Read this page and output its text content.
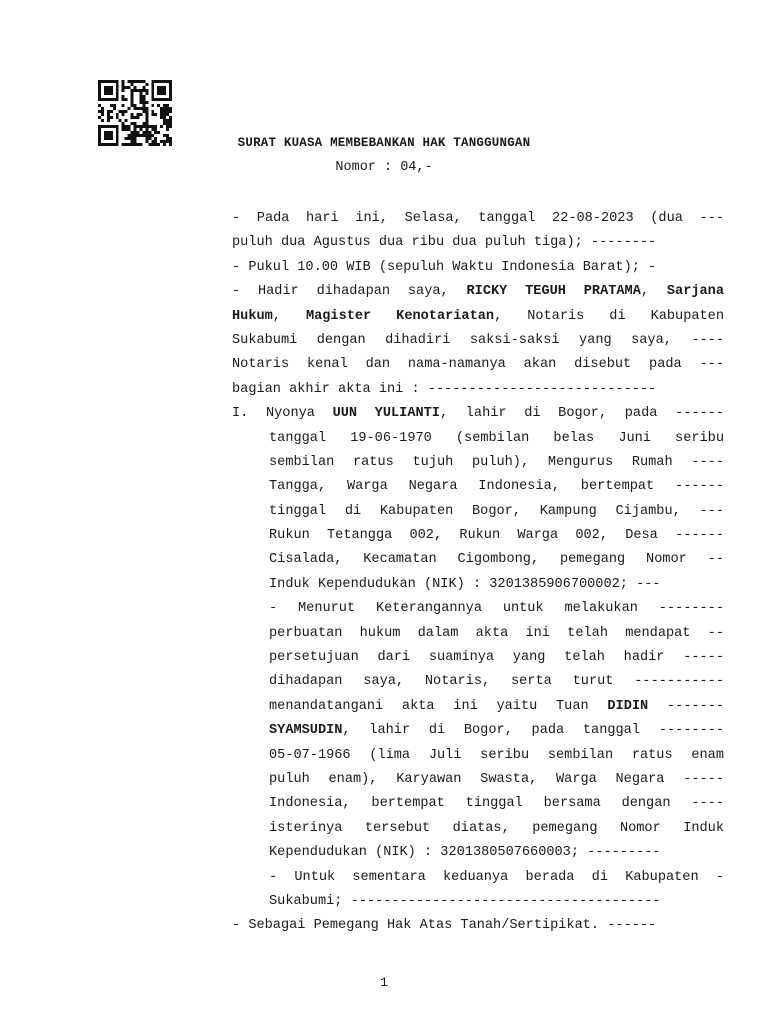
SURAT KUASA MEMBEBANKAN HAK TANGGUNGAN
Nomor : 04,-
- Pada hari ini, Selasa, tanggal 22-08-2023 (dua ---
puluh dua Agustus dua ribu dua puluh tiga); --------
- Pukul 10.00 WIB (sepuluh Waktu Indonesia Barat); -
- Hadir dihadapan saya, RICKY TEGUH PRATAMA, Sarjana
Hukum, Magister Kenotariatan, Notaris di Kabupaten
Sukabumi dengan dihadiri saksi-saksi yang saya, ----
Notaris kenal dan nama-namanya akan disebut pada ---
bagian akhir akta ini : ----------------------------
I. Nyonya UUN YULIANTI, lahir di Bogor, pada ------
tanggal 19-06-1970 (sembilan belas Juni seribu
sembilan ratus tujuh puluh), Mengurus Rumah ----
Tangga, Warga Negara Indonesia, bertempat ------
tinggal di Kabupaten Bogor, Kampung Cijambu, ---
Rukun Tetangga 002, Rukun Warga 002, Desa ------
Cisalada, Kecamatan Cigombong, pemegang Nomor --
Induk Kependudukan (NIK) : 3201385906700002; ---
- Menurut Keterangannya untuk melakukan --------
perbuatan hukum dalam akta ini telah mendapat --
persetujuan dari suaminya yang telah hadir -----
dihadapan saya, Notaris, serta turut -----------
menandatangani akta ini yaitu Tuan DIDIN -------
SYAMSUDIN, lahir di Bogor, pada tanggal --------
05-07-1966 (lima Juli seribu sembilan ratus enam
puluh enam), Karyawan Swasta, Warga Negara -----
Indonesia, bertempat tinggal bersama dengan ----
isterinya tersebut diatas, pemegang Nomor Induk
Kependudukan (NIK) : 3201380507660003; ---------
- Untuk sementara keduanya berada di Kabupaten -
Sukabumi; --------------------------------------
- Sebagai Pemegang Hak Atas Tanah/Sertipikat. ------
1
